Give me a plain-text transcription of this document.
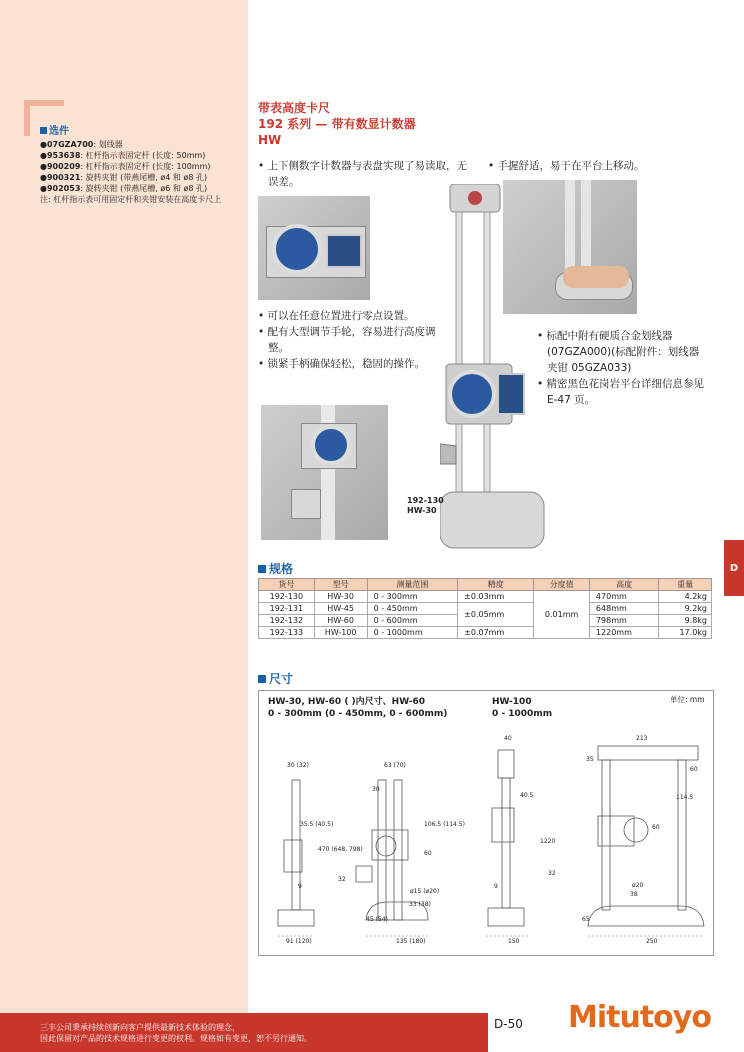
选件
●07GZA700: 划线器
●953638: 杠杆指示表固定杆 (长度: 50mm)
●900209: 杠杆指示表固定杆 (长度: 100mm)
●900321: 旋转夹钳 (带燕尾槽, ø4 和 ø8 孔)
●902053: 旋转夹钳 (带燕尾槽, ø6 和 ø8 孔)
注: 杠杆指示表可用固定杆和夹钳安装在高度卡尺上
带表高度卡尺
192 系列 — 带有数显计数器
HW
• 上下侧数字计数器与表盘实现了易读取，无误差。
• 手握舒适，易于在平台上移动。
• 可以在任意位置进行零点设置。
• 配有大型调节手轮，容易进行高度调整。
• 锁紧手柄确保轻松，稳固的操作。
• 标配中附有硬质合金划线器 (07GZA000)(标配附件：划线器夹钳 05GZA033)
• 精密黑色花岗岩平台详细信息参见 E-47 页。
192-130
HW-30
D
规格
货号	型号	测量范围	精度	分度值	高度	重量
192-130	HW-30	0 - 300mm	±0.03mm	0.01mm	470mm	4.2kg
192-131	HW-45	0 - 450mm	±0.05mm		648mm	9.2kg
192-132	HW-60	0 - 600mm			798mm	9.8kg
192-133	HW-100	0 - 1000mm	±0.07mm		1220mm	17.0kg
尺寸
HW-30, HW-60 ( )内尺寸、HW-60
0 - 300mm (0 - 450mm, 0 - 600mm)
HW-100
0 - 1000mm
单位: mm
30 (32)	63 (70)
30
35.5 (40.5)	106.5 (114.5)
470 (648, 798)
60
32
ø15 (ø20)
33 (38)
9
45 (54)
91 (120)	135 (180)
40	213
35
60
40.5	114.5
1220
60
32
ø20
38
9
65
150	250
三丰公司秉承持续创新向客户提供最新技术体验的理念，
因此保留对产品的技术规格进行变更的权利。规格如有变更，恕不另行通知。
D-50 Mitutoyo
